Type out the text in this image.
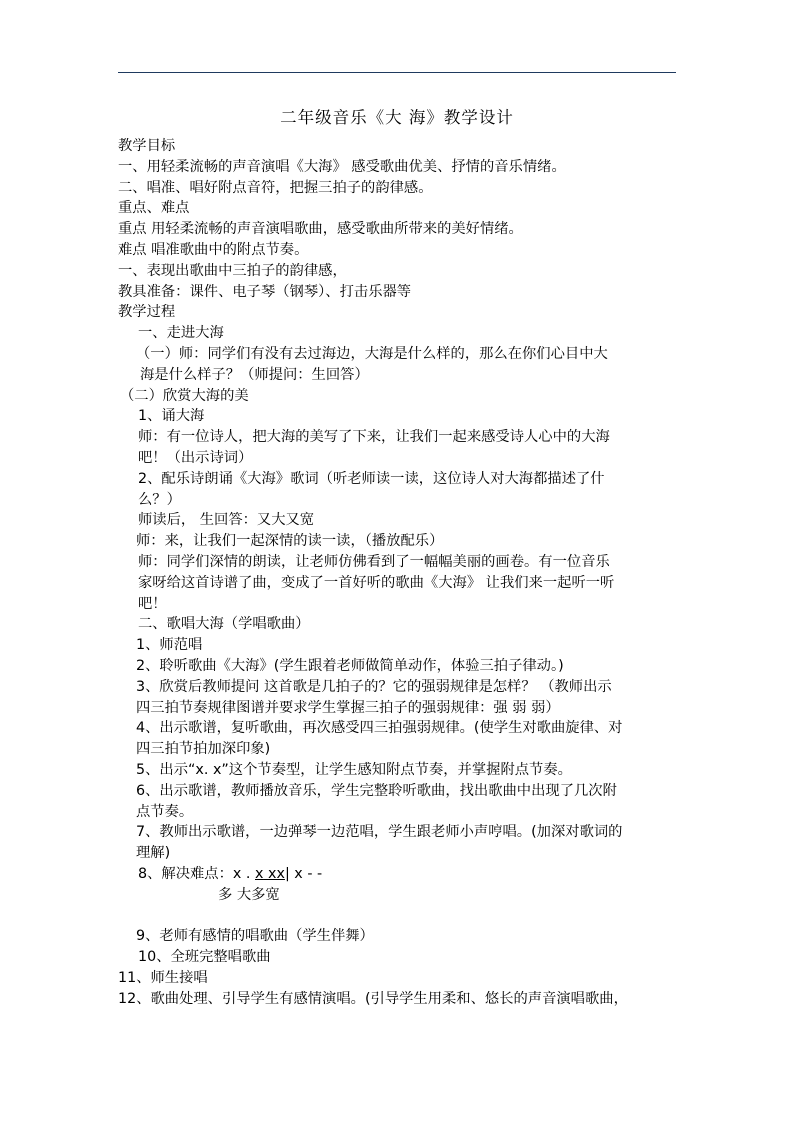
二年级音乐《大 海》教学设计
教学目标
一、用轻柔流畅的声音演唱《大海》 感受歌曲优美、抒情的音乐情绪。
二、唱准、唱好附点音符，把握三拍子的韵律感。
重点、难点
重点 用轻柔流畅的声音演唱歌曲，感受歌曲所带来的美好情绪。
难点 唱准歌曲中的附点节奏。
一、表现出歌曲中三拍子的韵律感，
教具准备：课件、电子琴（钢琴）、打击乐器等
教学过程
一、走进大海
（一）师：同学们有没有去过海边，大海是什么样的，那么在你们心目中大
海是什么样子？（师提问：生回答）
（二）欣赏大海的美
1、诵大海
师：有一位诗人，把大海的美写了下来，让我们一起来感受诗人心中的大海
吧！（出示诗词）
2、配乐诗朗诵《大海》歌词（听老师读一读，这位诗人对大海都描述了什
么？）
师读后， 生回答：又大又宽
师：来，让我们一起深情的读一读，（播放配乐）
师：同学们深情的朗读，让老师仿佛看到了一幅幅美丽的画卷。有一位音乐
家呀给这首诗谱了曲，变成了一首好听的歌曲《大海》 让我们来一起听一听
吧！
二、歌唱大海（学唱歌曲）
1、师范唱
2、聆听歌曲《大海》(学生跟着老师做简单动作，体验三拍子律动。)
3、欣赏后教师提问 这首歌是几拍子的？它的强弱规律是怎样？ （教师出示
四三拍节奏规律图谱并要求学生掌握三拍子的强弱规律：强 弱 弱）
4、出示歌谱，复听歌曲，再次感受四三拍强弱规律。(使学生对歌曲旋律、对
四三拍节拍加深印象)
5、出示“x. x”这个节奏型，让学生感知附点节奏，并掌握附点节奏。
6、出示歌谱，教师播放音乐，学生完整聆听歌曲，找出歌曲中出现了几次附
点节奏。
7、教师出示歌谱，一边弹琴一边范唱，学生跟老师小声哼唱。(加深对歌词的
理解)
8、解决难点：x . x xx| x - -
多 大多宽
9、老师有感情的唱歌曲（学生伴舞）
10、全班完整唱歌曲
11、师生接唱
12、歌曲处理、引导学生有感情演唱。(引导学生用柔和、悠长的声音演唱歌曲，
